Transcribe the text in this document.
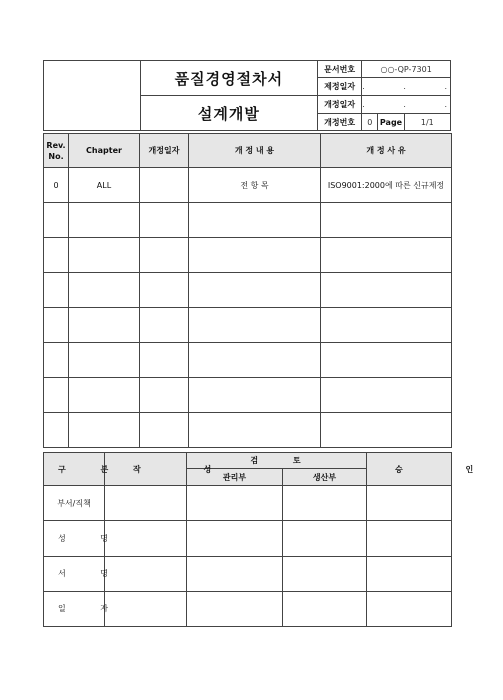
	품질경영절차서	문서번호	○○-QP-7301		
		제정일자	. . .		
	설계개발	개정일자	. . .		
		개정번호	0	Page	1/1
Rev.
No.	Chapter	개정일자	개 정 내 용	개 정 사 유
0	ALL		전 항 목	ISO9001:2000에 따른 신규제정

구 분	작 성	검 토		승 인
		관리부	생산부	
부서/직책				
성 명				
서 명				
일 자				
